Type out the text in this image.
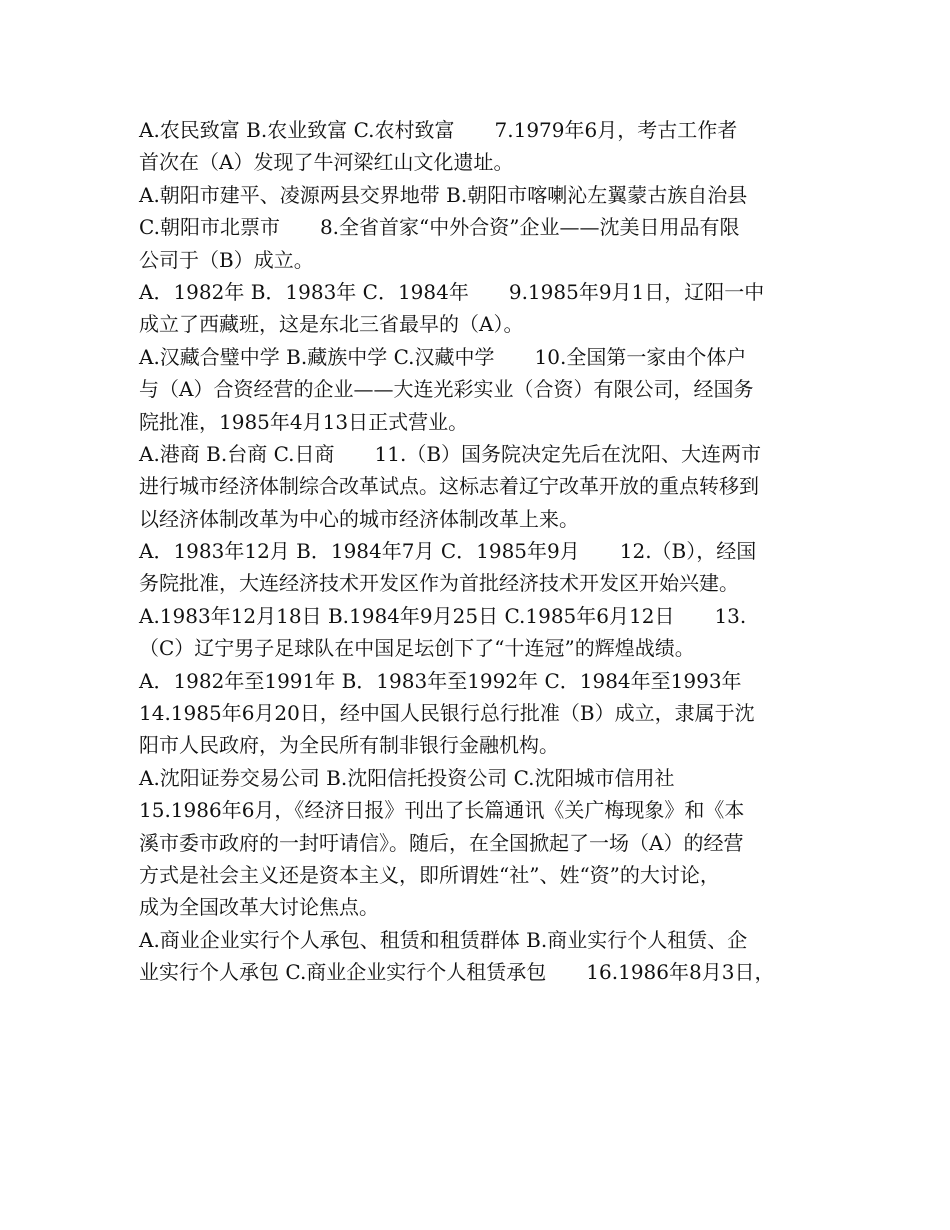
A.农民致富 B.农业致富 C.农村致富　　7.1979年6月，考古工作者
首次在（A）发现了牛河梁红山文化遗址。
A.朝阳市建平、凌源两县交界地带 B.朝阳市喀喇沁左翼蒙古族自治县
C.朝阳市北票市　　8.全省首家“中外合资”企业——沈美日用品有限
公司于（B）成立。
A．1982年 B．1983年 C．1984年　　9.1985年9月1日，辽阳一中
成立了西藏班，这是东北三省最早的（A）。
A.汉藏合璧中学 B.藏族中学 C.汉藏中学　　10.全国第一家由个体户
与（A）合资经营的企业——大连光彩实业（合资）有限公司，经国务
院批准，1985年4月13日正式营业。
A.港商 B.台商 C.日商　　11.（B）国务院决定先后在沈阳、大连两市
进行城市经济体制综合改革试点。这标志着辽宁改革开放的重点转移到
以经济体制改革为中心的城市经济体制改革上来。
A．1983年12月 B．1984年7月 C．1985年9月　　12.（B），经国
务院批准，大连经济技术开发区作为首批经济技术开发区开始兴建。
A.1983年12月18日 B.1984年9月25日 C.1985年6月12日　　13.
（C）辽宁男子足球队在中国足坛创下了“十连冠”的辉煌战绩。
A．1982年至1991年 B．1983年至1992年 C．1984年至1993年
14.1985年6月20日，经中国人民银行总行批准（B）成立，隶属于沈
阳市人民政府，为全民所有制非银行金融机构。
A.沈阳证券交易公司 B.沈阳信托投资公司 C.沈阳城市信用社
15.1986年6月，《经济日报》刊出了长篇通讯《关广梅现象》和《本
溪市委市政府的一封吁请信》。随后，在全国掀起了一场（A）的经营
方式是社会主义还是资本主义，即所谓姓“社”、姓“资”的大讨论，
成为全国改革大讨论焦点。
A.商业企业实行个人承包、租赁和租赁群体 B.商业实行个人租赁、企
业实行个人承包 C.商业企业实行个人租赁承包　　16.1986年8月3日，
